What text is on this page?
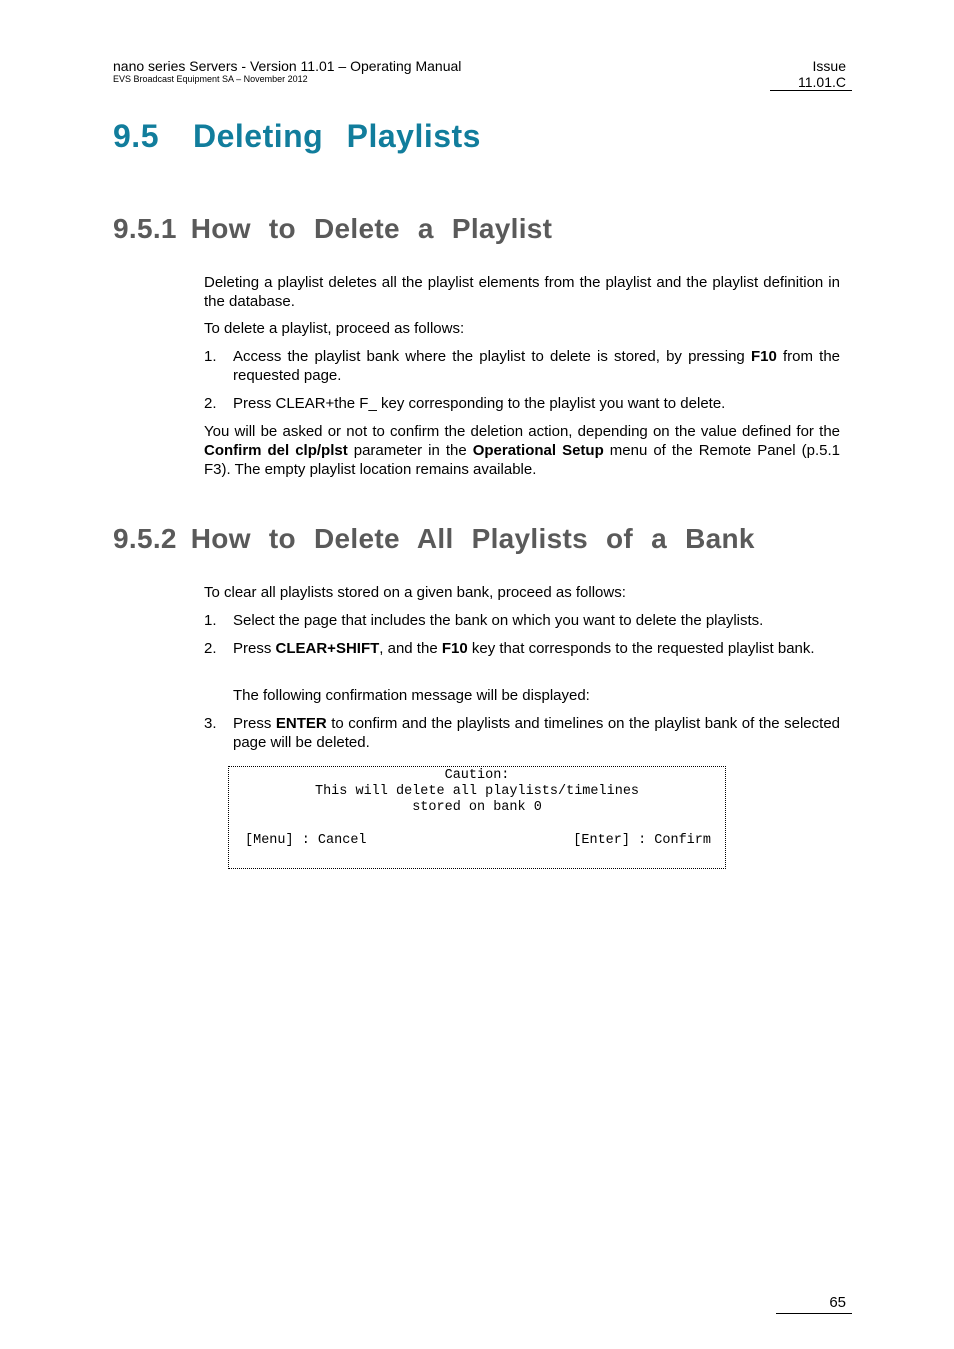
nano series Servers - Version 11.01 – Operating Manual
EVS Broadcast Equipment SA – November 2012
Issue
11.01.C
9.5 Deleting Playlists
9.5.1 How to Delete a Playlist
Deleting a playlist deletes all the playlist elements from the playlist and the playlist definition in the database.
To delete a playlist, proceed as follows:
1. Access the playlist bank where the playlist to delete is stored, by pressing F10 from the requested page.
2. Press CLEAR+the F_ key corresponding to the playlist you want to delete.
You will be asked or not to confirm the deletion action, depending on the value defined for the Confirm del clp/plst parameter in the Operational Setup menu of the Remote Panel (p.5.1 F3). The empty playlist location remains available.
9.5.2 How to Delete All Playlists of a Bank
To clear all playlists stored on a given bank, proceed as follows:
1. Select the page that includes the bank on which you want to delete the playlists.
2. Press CLEAR+SHIFT, and the F10 key that corresponds to the requested playlist bank.
The following confirmation message will be displayed:
3. Press ENTER to confirm and the playlists and timelines on the playlist bank of the selected page will be deleted.
Caution:
This will delete all playlists/timelines
stored on bank 0
[Menu] : Cancel	[Enter] : Confirm
65
